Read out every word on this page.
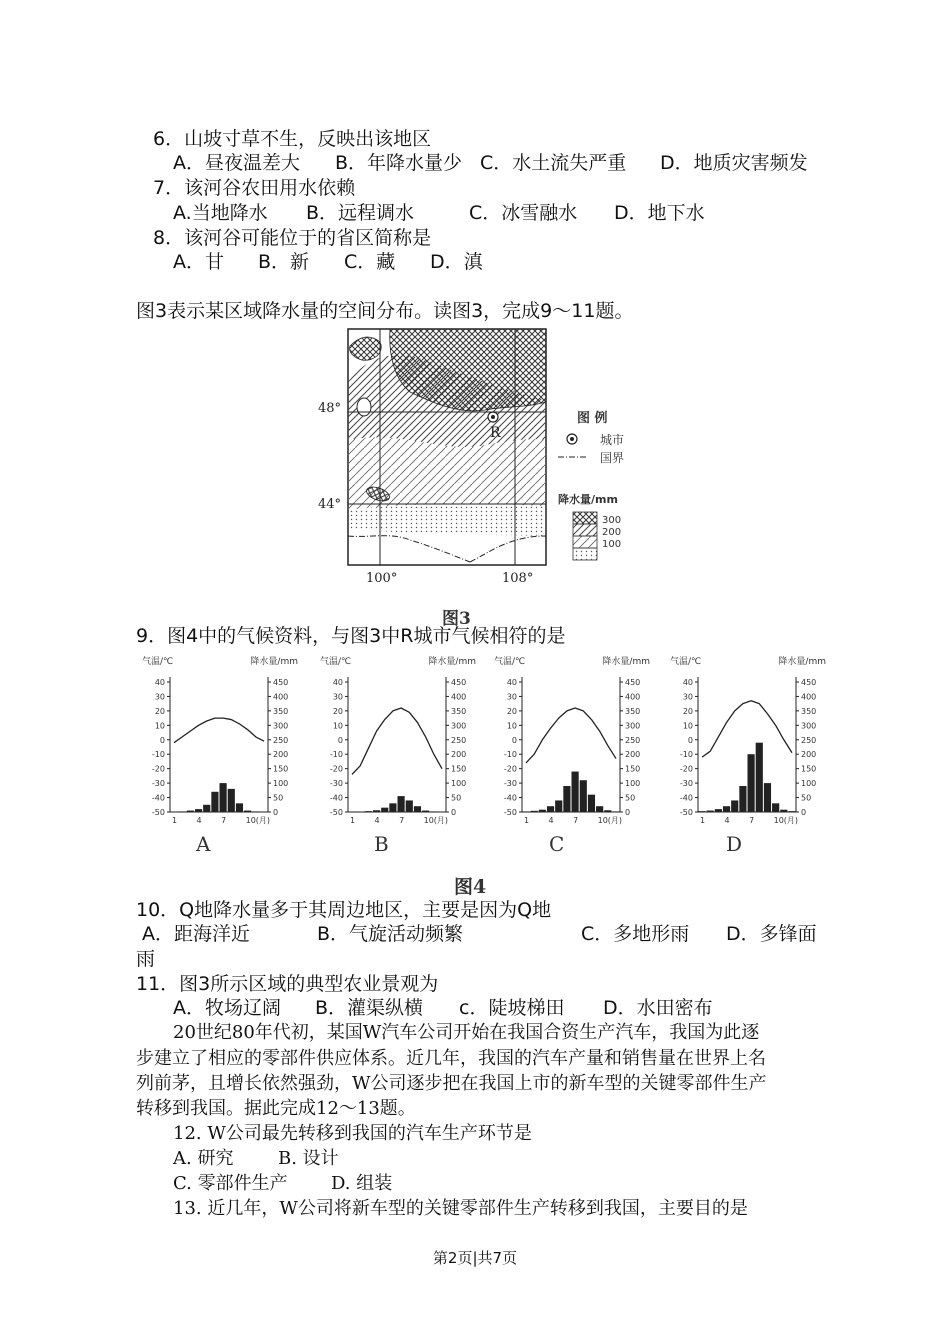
6．山坡寸草不生，反映出该地区
A．昼夜温差大 B．年降水量少 C．水土流失严重 D．地质灾害频发
7．该河谷农田用水依赖
A.当地降水 B．远程调水	C．冰雪融水 D．地下水
8．该河谷可能位于的省区简称是
A．甘 B．新 C．藏 D．滇
图3表示某区域降水量的空间分布。读图3，完成9～11题。
R
48°
44°
100°	108°
图 例
城市
国界
降水量/mm
300
200
100
图3
9．图4中的气候资料，与图3中R城市气候相符的是
气温/℃	降水量/mm
40
30
20
10
0
-10
-20
-30
-40
-50
450
400
350
300
250
200
150
100
50
0
1 4 7 10(月)
气温/℃	降水量/mm
40
30
20
10
0
-10
-20
-30
-40
-50
450
400
350
300
250
200
150
100
50
0
1 4 7 10(月)
气温/℃	降水量/mm
40
30
20
10
0
-10
-20
-30
-40
-50
450
400
350
300
250
200
150
100
50
0
1 4 7 10(月)
气温/℃	降水量/mm
40
30
20
10
0
-10
-20
-30
-40
-50
450
400
350
300
250
200
150
100
50
0
1 4 7 10(月)
A	B	C	D
图4
10．Q地降水量多于其周边地区，主要是因为Q地
A．距海洋近	B．气旋活动频繁	C．多地形雨 D．多锋面
雨
11．图3所示区域的典型农业景观为
A．牧场辽阔 B．灌渠纵横 c．陡坡梯田 D．水田密布
20世纪80年代初，某国W汽车公司开始在我国合资生产汽车，我国为此逐
步建立了相应的零部件供应体系。近几年，我国的汽车产量和销售量在世界上名
列前茅，且增长依然强劲，W公司逐步把在我国上市的新车型的关键零部件生产
转移到我国。据此完成12～13题。
12. W公司最先转移到我国的汽车生产环节是
A. 研究 B. 设计
C. 零部件生产 D. 组装
13. 近几年，W公司将新车型的关键零部件生产转移到我国，主要目的是
第2页|共7页
